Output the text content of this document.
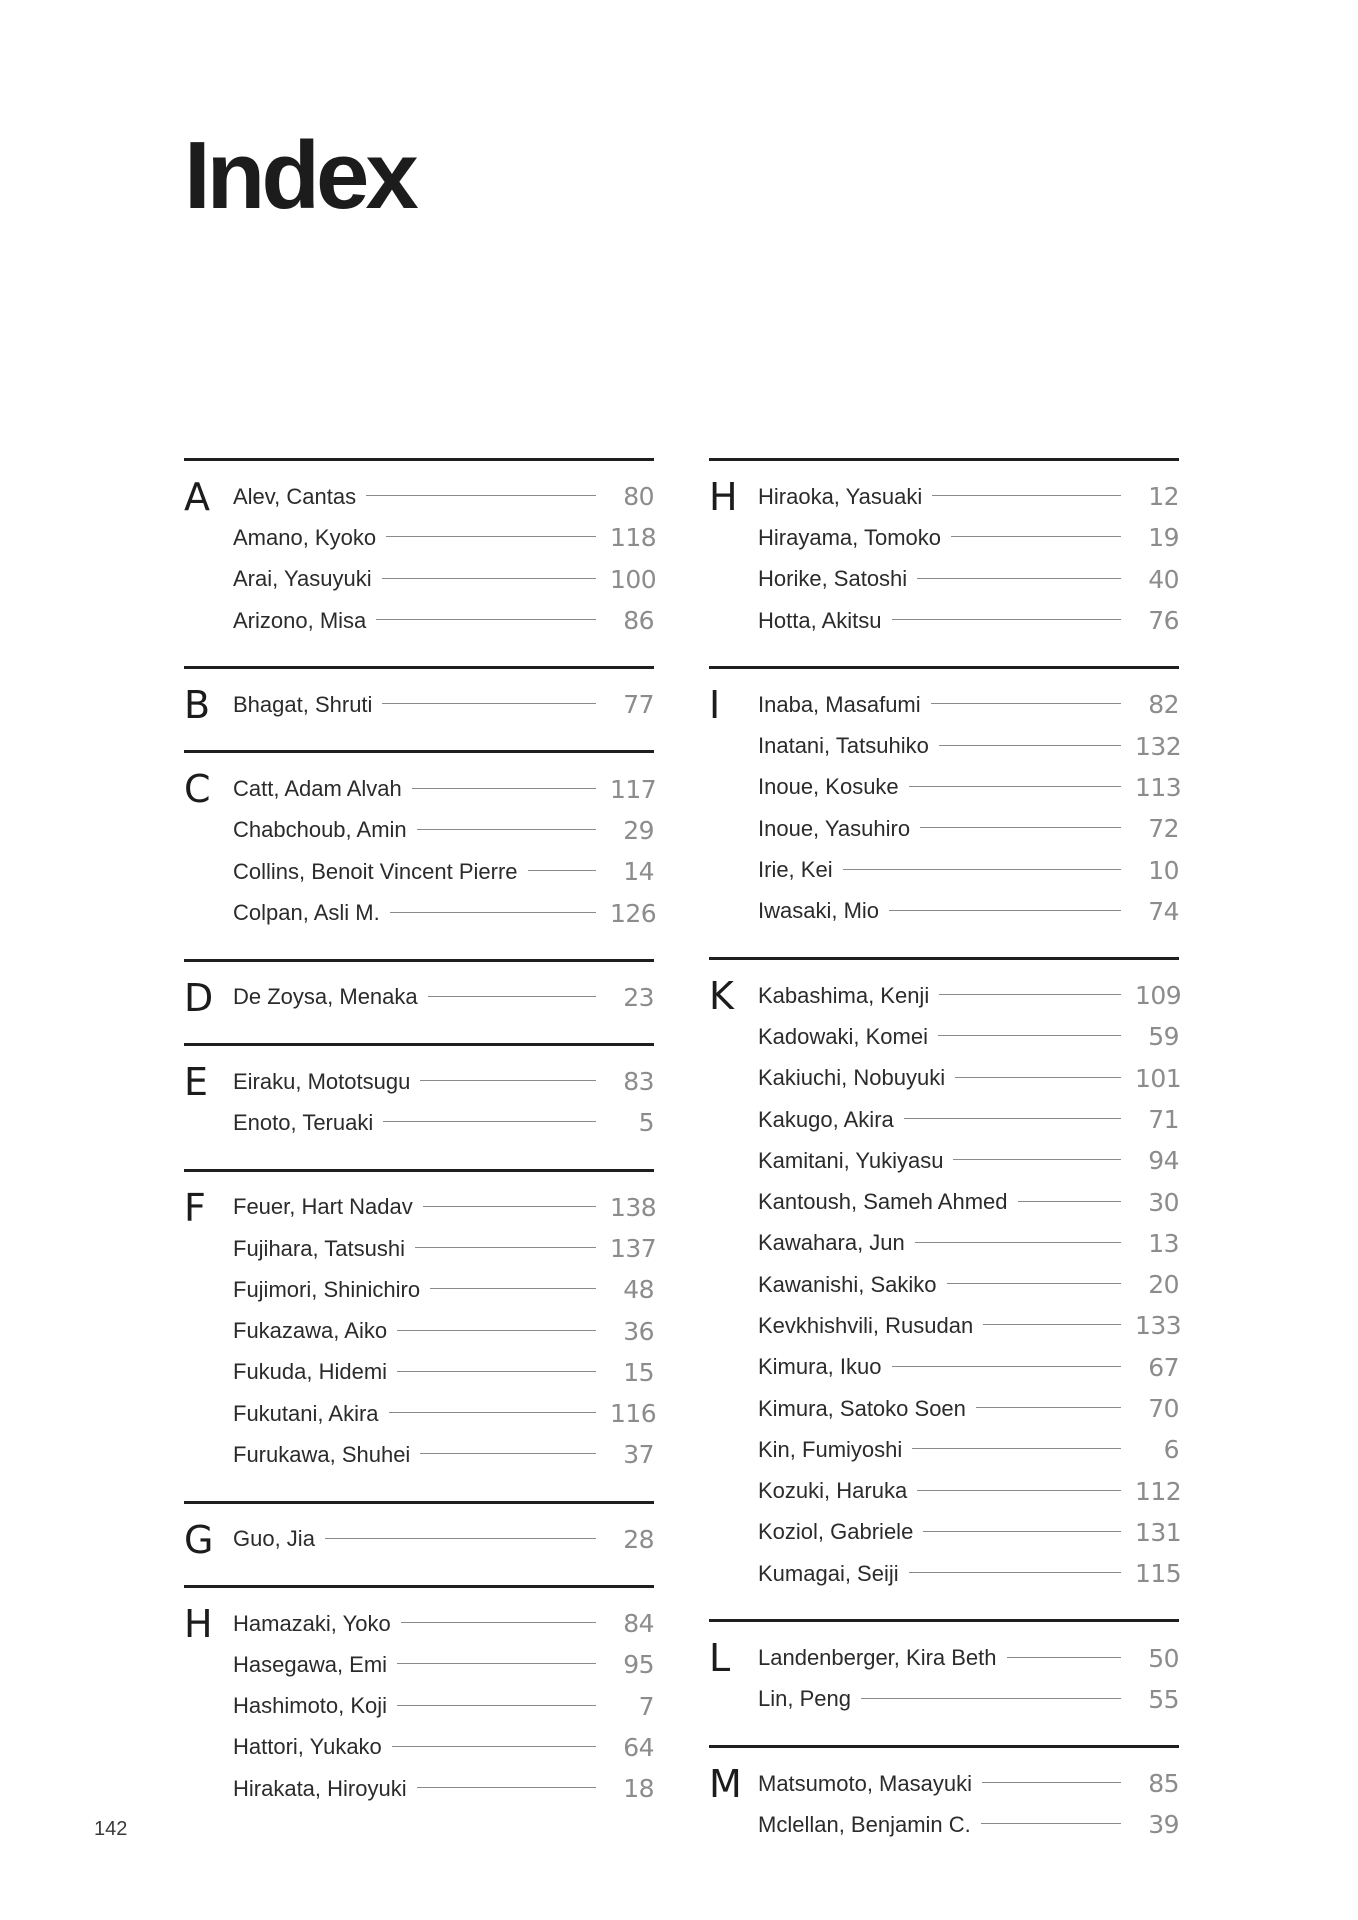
Index
A Alev, Cantas	80
Amano, Kyoko	118
Arai, Yasuyuki	100
Arizono, Misa	86
B Bhagat, Shruti	77
C Catt, Adam Alvah	117
Chabchoub, Amin	29
Collins, Benoit Vincent Pierre	14
Colpan, Asli M.	126
D De Zoysa, Menaka	23
E Eiraku, Mototsugu	83
Enoto, Teruaki	5
F Feuer, Hart Nadav	138
Fujihara, Tatsushi	137
Fujimori, Shinichiro	48
Fukazawa, Aiko	36
Fukuda, Hidemi	15
Fukutani, Akira	116
Furukawa, Shuhei	37
G Guo, Jia	28
H Hamazaki, Yoko	84
Hasegawa, Emi	95
Hashimoto, Koji	7
Hattori, Yukako	64
Hirakata, Hiroyuki	18
H Hiraoka, Yasuaki	12
Hirayama, Tomoko	19
Horike, Satoshi	40
Hotta, Akitsu	76
I Inaba, Masafumi	82
Inatani, Tatsuhiko	132
Inoue, Kosuke	113
Inoue, Yasuhiro	72
Irie, Kei	10
Iwasaki, Mio	74
K Kabashima, Kenji	109
Kadowaki, Komei	59
Kakiuchi, Nobuyuki	101
Kakugo, Akira	71
Kamitani, Yukiyasu	94
Kantoush, Sameh Ahmed	30
Kawahara, Jun	13
Kawanishi, Sakiko	20
Kevkhishvili, Rusudan	133
Kimura, Ikuo	67
Kimura, Satoko Soen	70
Kin, Fumiyoshi	6
Kozuki, Haruka	112
Koziol, Gabriele	131
Kumagai, Seiji	115
L Landenberger, Kira Beth	50
Lin, Peng	55
M Matsumoto, Masayuki	85
Mclellan, Benjamin C.	39
142
